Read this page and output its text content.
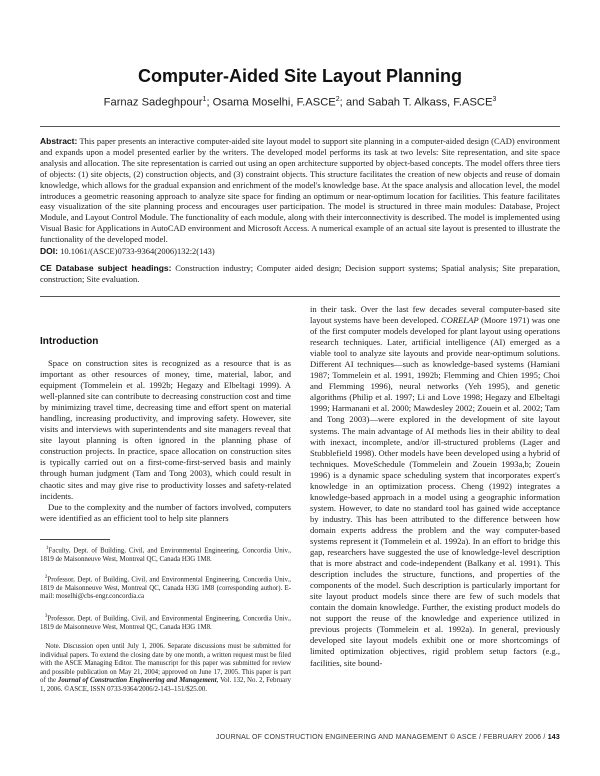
Computer-Aided Site Layout Planning
Farnaz Sadeghpour$^1$; Osama Moselhi, F.ASCE$^2$; and Sabah T. Alkass, F.ASCE$^3$
Abstract: This paper presents an interactive computer-aided site layout model to support site planning in a computer-aided design (CAD) environment and expands upon a model presented earlier by the writers. The developed model performs its task at two levels: Site representation, and site space analysis and allocation. The site representation is carried out using an open architecture supported by object-based concepts. The model offers three tiers of objects: (1) site objects, (2) construction objects, and (3) constraint objects. This structure facilitates the creation of new objects and reuse of domain knowledge, which allows for the gradual expansion and enrichment of the model's knowledge base. At the space analysis and allocation level, the model introduces a geometric reasoning approach to analyze site space for finding an optimum or near-optimum location for facilities. This feature facilitates easy visualization of the site planning process and encourages user participation. The model is structured in three main modules: Database, Project Module, and Layout Control Module. The functionality of each module, along with their interconnectivity is described. The model is implemented using Visual Basic for Applications in AutoCAD environment and Microsoft Access. A numerical example of an actual site layout is presented to illustrate the functionality of the developed model.
DOI: 10.1061/(ASCE)0733-9364(2006)132:2(143)
CE Database subject headings: Construction industry; Computer aided design; Decision support systems; Spatial analysis; Site preparation, construction; Site evaluation.
Introduction

Space on construction sites is recognized as a resource that is as important as other resources of money, time, material, labor, and equipment (Tommelein et al. 1992b; Hegazy and Elbeltagi 1999). A well-planned site can contribute to decreasing construction cost and time by minimizing travel time, decreasing time and effort spent on material handling, increasing productivity, and improving safety. However, site visits and interviews with superintendents and site managers reveal that site layout planning is often ignored in the planning phase of construction projects. In practice, space allocation on construction sites is typically carried out on a first-come-first-served basis and mainly through human judgment (Tam and Tong 2003), which could result in chaotic sites and may give rise to productivity losses and safety-related incidents.

Due to the complexity and the number of factors involved, computers were identified as an efficient tool to help site planners

$^1$Faculty, Dept. of Building, Civil, and Environmental Engineering, Concordia Univ., 1819 de Maisonneuve West, Montreal QC, Canada H3G 1M8.
$^2$Professor, Dept. of Building, Civil, and Environmental Engineering, Concordia Univ., 1819 de Maisonneuve West, Montreal QC, Canada H3G 1M8 (corresponding author). E-mail: moselhi@cbs-engr.concordia.ca
$^3$Professor, Dept. of Building, Civil, and Environmental Engineering, Concordia Univ., 1819 de Maisonneuve West, Montreal QC, Canada H3G 1M8.
Note. Discussion open until July 1, 2006. Separate discussions must be submitted for individual papers. To extend the closing date by one month, a written request must be filed with the ASCE Managing Editor. The manuscript for this paper was submitted for review and possible publication on May 21, 2004; approved on June 17, 2005. This paper is part of the Journal of Construction Engineering and Management, Vol. 132, No. 2, February 1, 2006. ©ASCE, ISSN 0733-9364/2006/2-143–151/$25.00.

in their task. Over the last few decades several computer-based site layout systems have been developed. CORELAP (Moore 1971) was one of the first computer models developed for plant layout using operations research techniques. Later, artificial intelligence (AI) emerged as a viable tool to analyze site layouts and provide near-optimum solutions. Different AI techniques—such as knowledge-based systems (Hamiani 1987; Tommelein et al. 1991, 1992b; Flemming and Chien 1995; Choi and Flemming 1996), neural networks (Yeh 1995), and genetic algorithms (Philip et al. 1997; Li and Love 1998; Hegazy and Elbeltagi 1999; Harmanani et al. 2000; Mawdesley 2002; Zouein et al. 2002; Tam and Tong 2003)—were explored in the development of site layout systems. The main advantage of AI methods lies in their ability to deal with inexact, incomplete, and/or ill-structured problems (Lager and Stubblefield 1998). Other models have been developed using a hybrid of techniques. MoveSchedule (Tommelein and Zouein 1993a,b; Zouein 1996) is a dynamic space scheduling system that incorporates expert's knowledge in an optimization process. Cheng (1992) integrates a knowledge-based approach in a model using a geographic information system. However, to date no standard tool has gained wide acceptance by industry. This has been attributed to the difference between how domain experts address the problem and the way computer-based systems represent it (Tommelein et al. 1992a). In an effort to bridge this gap, researchers have suggested the use of knowledge-level description that is more abstract and code-independent (Balkany et al. 1991). This description includes the structure, functions, and properties of the components of the model. Such description is particularly important for site layout product models since there are few of such models that contain the domain knowledge. Further, the existing product models do not support the reuse of the knowledge and experience utilized in previous projects (Tommelein et al. 1992a). In general, previously developed site layout models exhibit one or more shortcomings of limited optimization objectives, rigid problem setup factors (e.g., facilities, site bound-

JOURNAL OF CONSTRUCTION ENGINEERING AND MANAGEMENT © ASCE / FEBRUARY 2006 / 143
